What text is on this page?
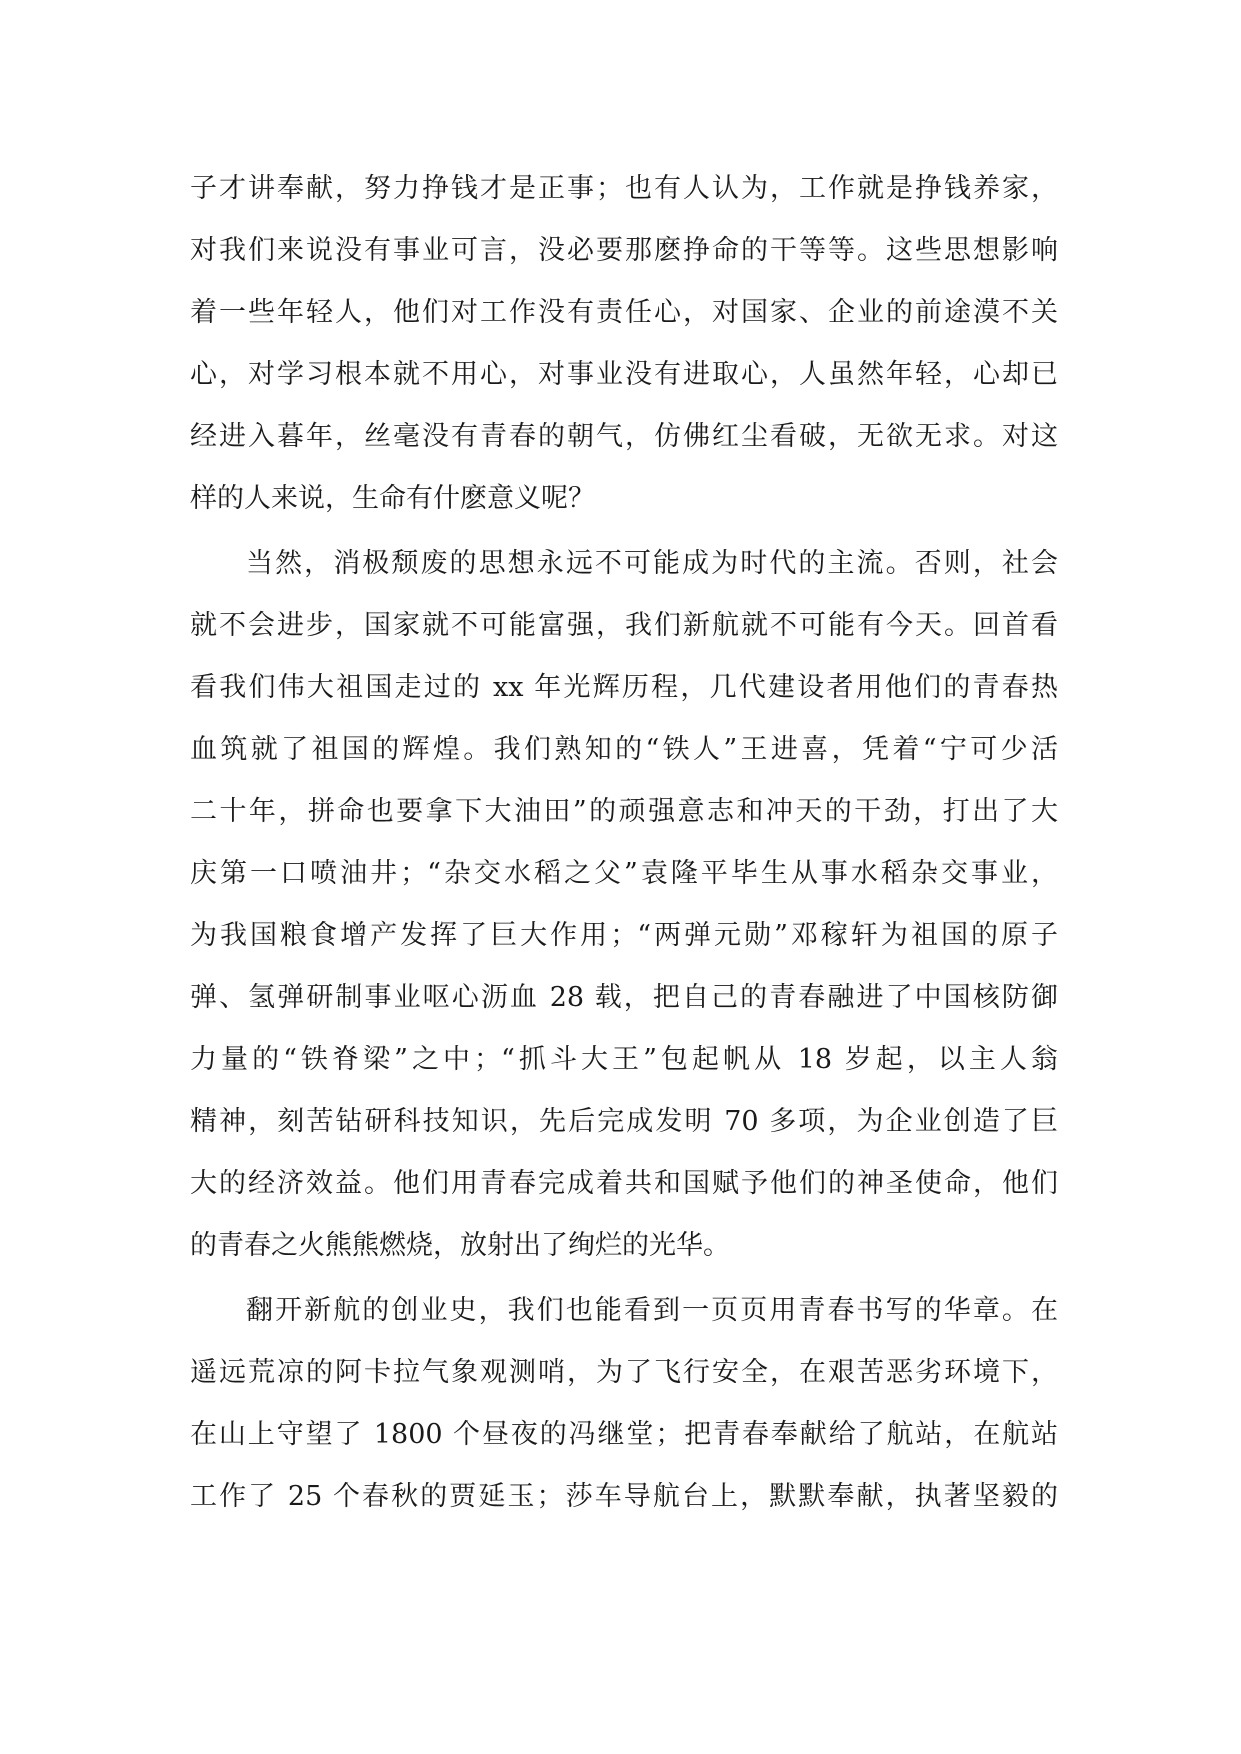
子才讲奉献，努力挣钱才是正事；也有人认为，工作就是挣钱养家，
对我们来说没有事业可言，没必要那麽挣命的干等等。这些思想影响
着一些年轻人，他们对工作没有责任心，对国家、企业的前途漠不关
心，对学习根本就不用心，对事业没有进取心，人虽然年轻，心却已
经进入暮年，丝毫没有青春的朝气，仿佛红尘看破，无欲无求。对这
样的人来说，生命有什麽意义呢？
当然，消极颓废的思想永远不可能成为时代的主流。否则，社会
就不会进步，国家就不可能富强，我们新航就不可能有今天。回首看
看我们伟大祖国走过的 xx 年光辉历程，几代建设者用他们的青春热
血筑就了祖国的辉煌。我们熟知的“铁人”王进喜，凭着“宁可少活
二十年，拼命也要拿下大油田”的顽强意志和冲天的干劲，打出了大
庆第一口喷油井；“杂交水稻之父”袁隆平毕生从事水稻杂交事业，
为我国粮食增产发挥了巨大作用；“两弹元勋”邓稼轩为祖国的原子
弹、氢弹研制事业呕心沥血 28 载，把自己的青春融进了中国核防御
力量的“铁脊梁”之中；“抓斗大王”包起帆从 18 岁起，以主人翁
精神，刻苦钻研科技知识，先后完成发明 70 多项，为企业创造了巨
大的经济效益。他们用青春完成着共和国赋予他们的神圣使命，他们
的青春之火熊熊燃烧，放射出了绚烂的光华。
翻开新航的创业史，我们也能看到一页页用青春书写的华章。在
遥远荒凉的阿卡拉气象观测哨，为了飞行安全，在艰苦恶劣环境下，
在山上守望了 1800 个昼夜的冯继堂；把青春奉献给了航站，在航站
工作了 25 个春秋的贾延玉；莎车导航台上，默默奉献，执著坚毅的
